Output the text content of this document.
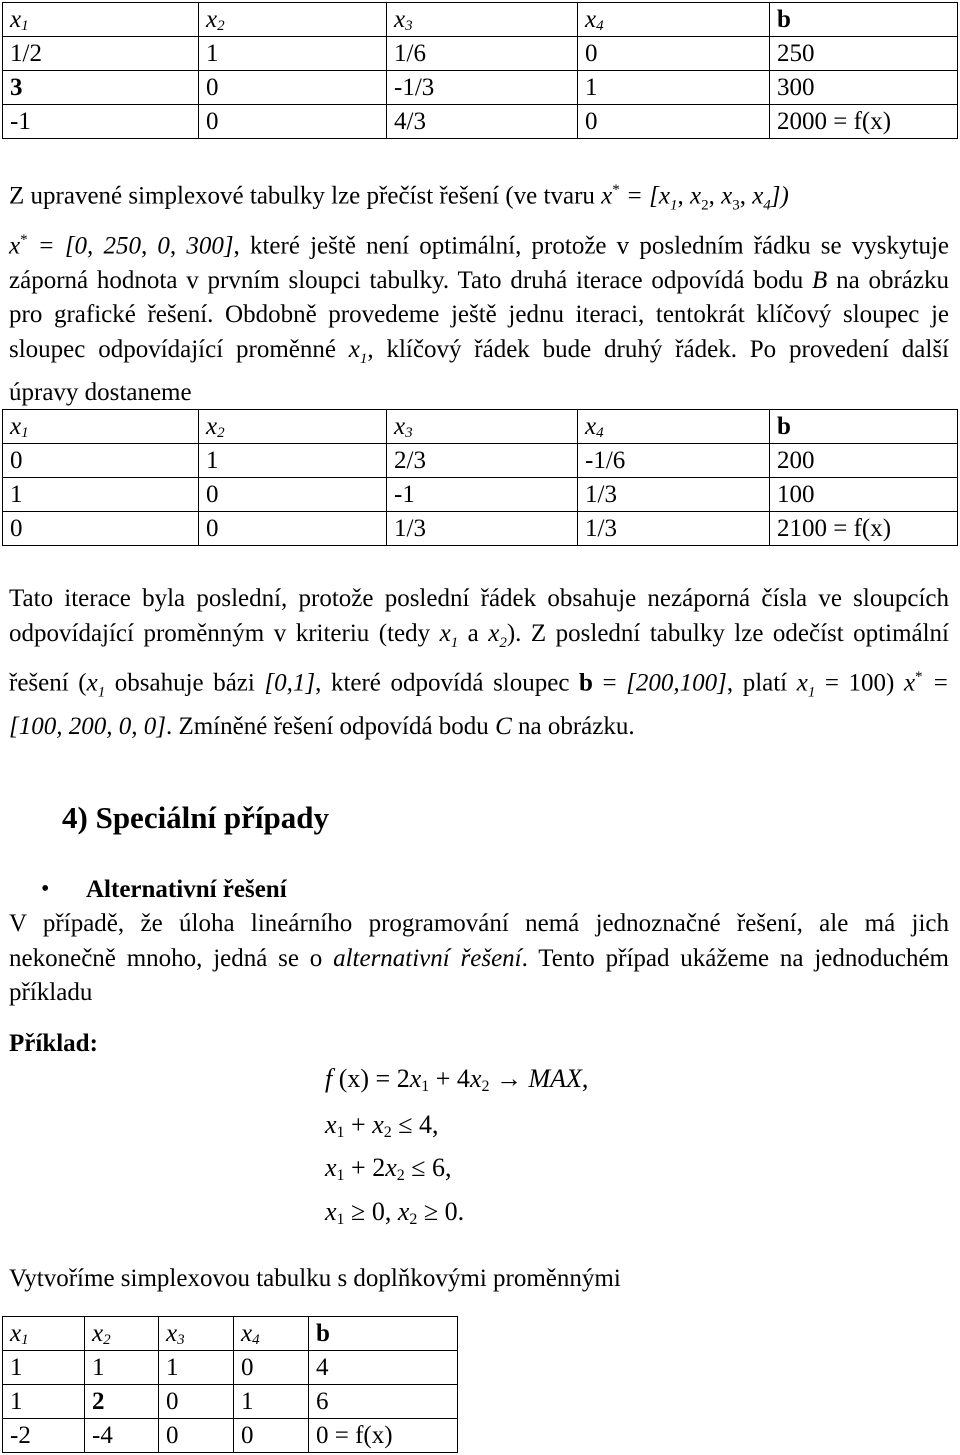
$x_1$	$x_2$	$x_3$	$x_4$	b
1/2	1	1/6	0	250
3	0	-1/3	1	300
-1	0	4/3	0	2000 = f(x)

Z upravené simplexové tabulky lze přečíst řešení (ve tvaru $x^* = [x_1$, $x_2$, $x_3$, $x_4$])
x* = [0, 250, 0, 300], které ještě není optimální, protože v posledním řádku se vyskytuje záporná hodnota v prvním sloupci tabulky. Tato druhá iterace odpovídá bodu B na obrázku pro grafické řešení. Obdobně provedeme ještě jednu iteraci, tentokrát klíčový sloupec je sloupec odpovídající proměnné $x_1$, klíčový řádek bude druhý řádek. Po provedení další úpravy dostaneme

$x_1$	$x_2$	$x_3$	$x_4$	b
0	1	2/3	-1/6	200
1	0	-1	1/3	100
0	0	1/3	1/3	2100 = f(x)

Tato iterace byla poslední, protože poslední řádek obsahuje nezáporná čísla ve sloupcích odpovídající proměnným v kriteriu (tedy $x_1$ a $x_2$). Z poslední tabulky lze odečíst optimální řešení ($x_1$ obsahuje bázi [0,1], které odpovídá sloupec b = [200,100], platí $x_1 = 100$) x* = [100, 200, 0, 0]. Zmíněné řešení odpovídá bodu C na obrázku.

4) Speciální případy
• Alternativní řešení

V případě, že úloha lineárního programování nemá jednoznačné řešení, ale má jich nekonečně mnoho, jedná se o alternativní řešení. Tento případ ukážeme na jednoduchém příkladu

Příklad:
f $(x) = 2x_1 + 4x_2$ → MAX,
$x_1 + x_2 \le 4$,
$x_1 + 2x_2 \le 6$,
$x_1 \ge 0$, $x_2 \ge 0$.

Vytvoříme simplexovou tabulku s doplňkovými proměnnými

$x_1$	$x_2$	$x_3$	$x_4$	b
1	1	1	0	4
1	2	0	1	6
-2	-4	0	0	0 = f(x)
